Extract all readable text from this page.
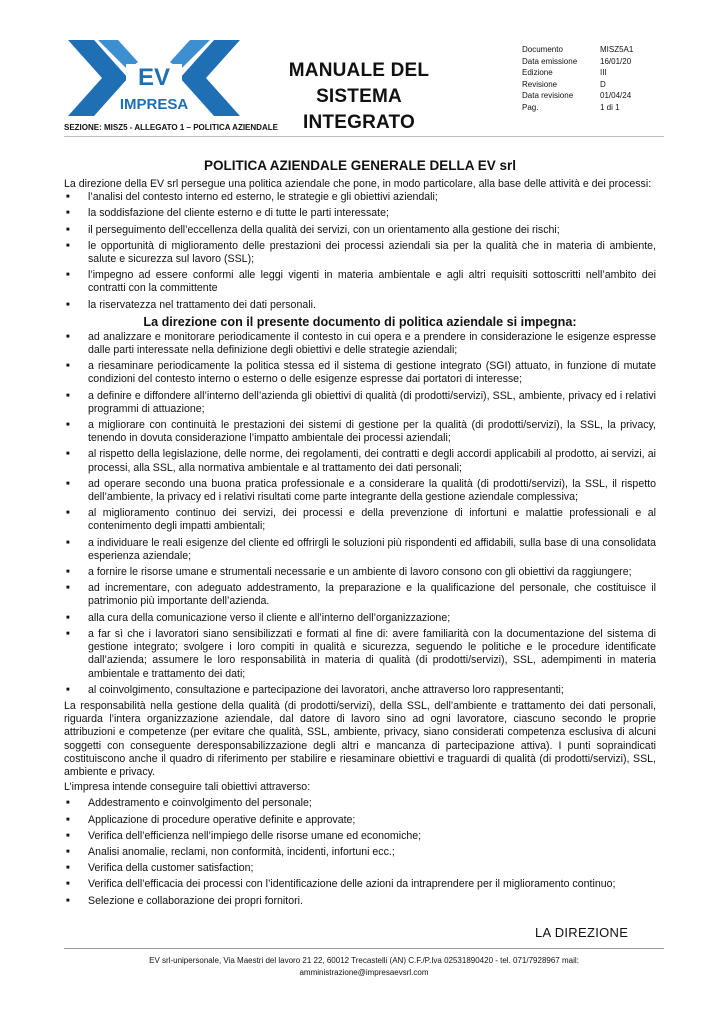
EV
IMPRESA
MANUALE DEL SISTEMA
INTEGRATO
Documento	MISZ5A1
Data emissione	16/01/20
Edizione	III
Revisione	D
Data revisione	01/04/24
Pag.	1 di 1
SEZIONE: MISZ5 - ALLEGATO 1 – POLITICA AZIENDALE
POLITICA AZIENDALE GENERALE DELLA EV srl

La direzione della EV srl persegue una politica aziendale che pone, in modo particolare, alla base delle attività e dei processi:

■ l’analisi del contesto interno ed esterno, le strategie e gli obiettivi aziendali;
■ la soddisfazione del cliente esterno e di tutte le parti interessate;
■ il perseguimento dell’eccellenza della qualità dei servizi, con un orientamento alla gestione dei rischi;
■ le opportunità di miglioramento delle prestazioni dei processi aziendali sia per la qualità che in materia di ambiente, salute e sicurezza sul lavoro (SSL);
■ l’impegno ad essere conformi alle leggi vigenti in materia ambientale e agli altri requisiti sottoscritti nell’ambito dei contratti con la committente
■ la riservatezza nel trattamento dei dati personali.
La direzione con il presente documento di politica aziendale si impegna:
■ ad analizzare e monitorare periodicamente il contesto in cui opera e a prendere in considerazione le esigenze espresse dalle parti interessate nella definizione degli obiettivi e delle strategie aziendali;
■ a riesaminare periodicamente la politica stessa ed il sistema di gestione integrato (SGI) attuato, in funzione di mutate condizioni del contesto interno o esterno o delle esigenze espresse dai portatori di interesse;
■ a definire e diffondere all’interno dell’azienda gli obiettivi di qualità (di prodotti/servizi), SSL, ambiente, privacy ed i relativi programmi di attuazione;
■ a migliorare con continuità le prestazioni dei sistemi di gestione per la qualità (di prodotti/servizi), la SSL, la privacy, tenendo in dovuta considerazione l’impatto ambientale dei processi aziendali;
■ al rispetto della legislazione, delle norme, dei regolamenti, dei contratti e degli accordi applicabili al prodotto, ai servizi, ai processi, alla SSL, alla normativa ambientale e al trattamento dei dati personali;
■ ad operare secondo una buona pratica professionale e a considerare la qualità (di prodotti/servizi), la SSL, il rispetto dell’ambiente, la privacy ed i relativi risultati come parte integrante della gestione aziendale complessiva;
■ al miglioramento continuo dei servizi, dei processi e della prevenzione di infortuni e malattie professionali e al contenimento degli impatti ambientali;
■ a individuare le reali esigenze del cliente ed offrirgli le soluzioni più rispondenti ed affidabili, sulla base di una consolidata esperienza aziendale;
■ a fornire le risorse umane e strumentali necessarie e un ambiente di lavoro consono con gli obiettivi da raggiungere;
■ ad incrementare, con adeguato addestramento, la preparazione e la qualificazione del personale, che costituisce il patrimonio più importante dell’azienda.
■ alla cura della comunicazione verso il cliente e all’interno dell’organizzazione;
■ a far sì che i lavoratori siano sensibilizzati e formati al fine di: avere familiarità con la documentazione del sistema di gestione integrato; svolgere i loro compiti in qualità e sicurezza, seguendo le politiche e le procedure identificate dall’azienda; assumere le loro responsabilità in materia di qualità (di prodotti/servizi), SSL, adempimenti in materia ambientale e trattamento dei dati;
■ al coinvolgimento, consultazione e partecipazione dei lavoratori, anche attraverso loro rappresentanti;

La responsabilità nella gestione della qualità (di prodotti/servizi), della SSL, dell’ambiente e trattamento dei dati personali, riguarda l’intera organizzazione aziendale, dal datore di lavoro sino ad ogni lavoratore, ciascuno secondo le proprie attribuzioni e competenze (per evitare che qualità, SSL, ambiente, privacy, siano considerati competenza esclusiva di alcuni soggetti con conseguente deresponsabilizzazione degli altri e mancanza di partecipazione attiva). I punti sopraindicati costituiscono anche il quadro di riferimento per stabilire e riesaminare obiettivi e traguardi di qualità (di prodotti/servizi), SSL, ambiente e privacy.

L’impresa intende conseguire tali obiettivi attraverso:

■ Addestramento e coinvolgimento del personale;
■ Applicazione di procedure operative definite e approvate;
■ Verifica dell’efficienza nell’impiego delle risorse umane ed economiche;
■ Analisi anomalie, reclami, non conformità, incidenti, infortuni ecc.;
■ Verifica della customer satisfaction;
■ Verifica dell’efficacia dei processi con l’identificazione delle azioni da intraprendere per il miglioramento continuo;
■ Selezione e collaborazione dei propri fornitori.
LA DIREZIONE
EV srl-unipersonale, Via Maestri del lavoro 21 22, 60012 Trecastelli (AN) C.F./P.Iva 02531890420 - tel. 071/7928967 mail:
amministrazione@impresaevsrl.com
